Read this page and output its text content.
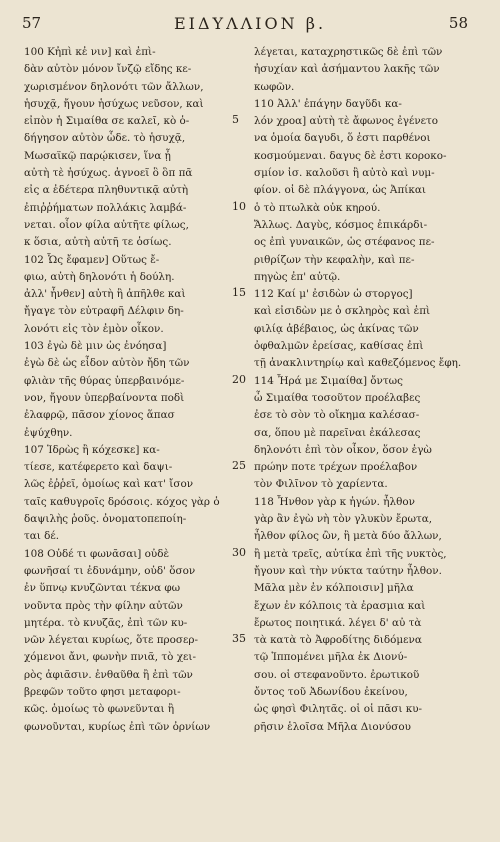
57	ΕΙΔΥΛΛΙΟΝ β.	58
100 Κἠπὶ κἐ νιν] καὶ ἐπὶ-
δὰν αὐτὸν μόνον ἴνζῷ εἴδης κε-
χωρισμένον δηλονότι τῶν ἄλλων,
ἡσυχᾷ, ἤγουν ἡσύχως νεῦσον, καὶ
εἰπὸν ἡ Σιμαίθα σε καλεῖ, κὸ ὁ-
δήγησον αὐτὸν ὧδε. τὸ ἡσυχᾷ,
Μωσαϊκῷ παρῴκισεν, ἵνα ᾖ
αὐτὴ τὲ ἡσύχως. ἀγνοεῖ ὃ ὃπ πᾶ
εἰς α ἐδέτερα πληθυντικᾷ αὐτὴ
ἐπιῤῥήματων πολλάκις λαμβά-
νεται. οἷον φίλα αὐτῆτε φίλως,
κ ὅσια, αὐτὴ αὐτῆ τε ὁσίως.
102 Ὧς ἔφαμεν] Οὕτως ἔ-
φιω, αὐτὴ δηλονότι ἡ δούλη.
ἀλλ' ἦνθεν] αὐτὴ ἢ ἀπῆλθε καὶ
ἤγαγε τὸν εὐτραφῆ Δέλφιν δη-
λονότι εἰς τὸν ἐμὸν οἶκον.
103 ἐγὼ δὲ μιν ὡς ἐνόησα]
ἐγὼ δὲ ὡς εἶδον αὐτὸν ἤδη τῶν
φλιὰν τῆς θύρας ὑπερβαινόμε-
νον, ἤγουν ὑπερβαίνοντα ποδὶ
ἐλαφρῷ, πᾶσον χίονος ἅπασ
ἐψύχθην.
107 Ἱδρὼς ἢ κόχεσκε] κα-
τίεσε, κατέφερετο καὶ δαψι-
λῶς ἐῤῥεῖ, ὁμοίως καὶ κατ' ἴσον
ταῖς καθυγροῖς δρόσοις. κόχος γὰρ ὁ
δαψιλὴς ῥοῦς. ὀνοματοπεποίη-
ται δέ.
108 Οὐδέ τι φωνᾶσαι] οὐδὲ
φωνῆσαί τι ἐδυνάμην, οὐδ' ὅσον
ἐν ὕπνῳ κνυζῶνται τέκνα φω
νοῦντα πρὸς τὴν φίλην αὐτῶν
μητέρα. τὸ κνυζᾶς, ἐπὶ τῶν κυ-
νῶν λέγεται κυρίως, ὅτε προσερ-
χόμενοι ἄνι, φωνὴν πνιᾶ, τὸ χει-
ρὸς ἀφιᾶσιν. ἐνθαῦθα ἢ ἐπὶ τῶν
βρεφῶν τοῦτο φησι μεταφορι-
κῶς. ὁμοίως τὸ φωνεῦνται ἢ
φωνοῦνται, κυρίως ἐπὶ τῶν ὀρνίων
λέγεται, καταχρηστικῶς δὲ ἐπὶ τῶν
ἠσυχίαν καὶ ἀσήμαντου λακῆς τῶν
κωφῶν.
110 Ἀλλ' ἐπάγην δαγῦδι κα-
λόν χροα] αὐτὴ τὲ ἄφωνος ἐγένετο
να ὁμοία δαγυδι, ὅ ἐστι παρθένοι
κοσμούμεναι. δαγυς δὲ ἐστι κοροκο-
σμίον ἰσ. καλοῦσι ἢ αὐτὸ καὶ νυμ-
φίον. οἱ δὲ πλάγγονα, ὡς Ἀπίκαι
ὁ τὸ πτωλκὰ οὐκ κηρού.
Ἄλλως. Δαγὺς, κόσμος ἐπικάρδι-
ος ἐπὶ γυναικῶν, ὡς στέφανος πε-
ριθρίζων τὴν κεφαλὴν, καὶ πε-
πηγὼς ἐπ' αὐτῷ.
112 Καί μ' ἐσιδὼν ὡ στοργος]
καὶ εἰσιδὼν με ὁ σκληρὸς καὶ ἐπὶ
φιλίᾳ ἀβέβαιος, ὡς ἀκίνας τῶν
ὀφθαλμῶν ἐρείσας, καθίσας ἐπὶ
τῇ ἀνακλιντηρίῳ καὶ καθεζόμενος ἔφη.
114 Ἦρά με Σιμαίθα] ὄντως
ὦ Σιμαίθα τοσοῦτον προέλαβες
ἐσε τὸ σὸν τὸ οἴκημα καλέσασ-
σα, ὅπου μὲ παρεῖναι ἐκάλεσας
δηλονότι ἐπὶ τὸν οἶκον, ὅσον ἐγὼ
πρώην ποτε τρέχων προέλαβον
τὸν Φιλῖνον τὸ χαρίεντα.
118 Ἦνθον γὰρ κ ἠγών. ἦλθον
γὰρ ἂν ἐγὼ νὴ τὸν γλυκὺν ἔρωτα,
ἦλθον φίλος ὢν, ἢ μετὰ δύο ἄλλων,
ἢ μετὰ τρεῖς, αὐτίκα ἐπὶ τῆς νυκτὸς,
ἤγουν καὶ τὴν νύκτα ταύτην ἦλθον.
Μᾶλα μὲν ἐν κόλποισιν] μῆλα
ἔχων ἐν κόλποις τὰ ἐρασμια καὶ
ἔρωτος ποιητικά. λέγει δ' αὐ τὰ
τὰ κατὰ τὸ Ἀφροδίτης διδόμενα
τῷ Ἱππομένει μῆλα ἐκ Διονύ-
σου. οἱ στεφανοῦντο. ἐρωτικοῦ
ὄντος τοῦ Ἀδωνίδου ἐκείνου,
ὡς φησὶ Φιλητᾶς. οἱ οἱ πᾶσι κυ-
ρῆσιν ἑλοῖσα Μῆλα Διονύσου
5
10
15
20
25
30
35
